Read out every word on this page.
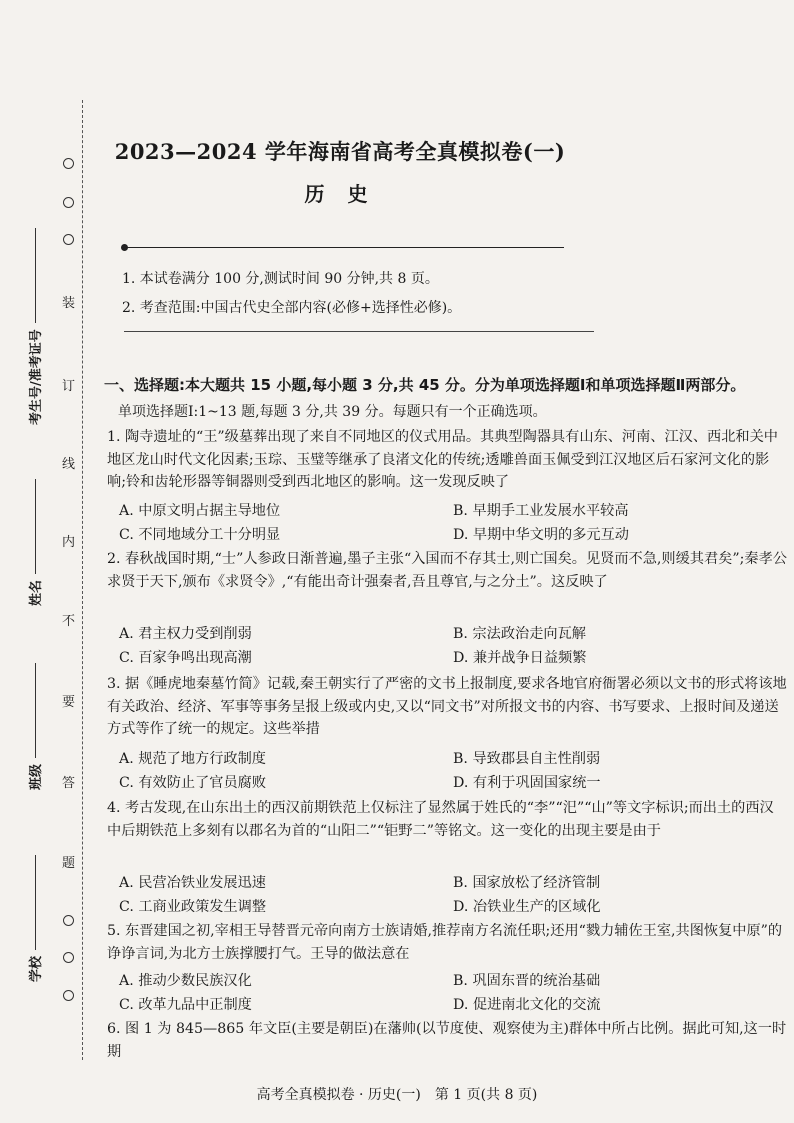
装
订
线
内
不
要
答
题
考生号/准考证号
姓名
班级
学校
2023—2024 学年海南省高考全真模拟卷(一)
历 史
1. 本试卷满分 100 分,测试时间 90 分钟,共 8 页。
2. 考查范围:中国古代史全部内容(必修+选择性必修)。
一、选择题:本大题共 15 小题,每小题 3 分,共 45 分。分为单项选择题Ⅰ和单项选择题Ⅱ两部分。
单项选择题Ⅰ:1~13 题,每题 3 分,共 39 分。每题只有一个正确选项。
1. 陶寺遗址的“王”级墓葬出现了来自不同地区的仪式用品。其典型陶器具有山东、河南、江汉、西北和关中地区龙山时代文化因素;玉琮、玉璧等继承了良渚文化的传统;透雕兽面玉佩受到江汉地区后石家河文化的影响;铃和齿轮形器等铜器则受到西北地区的影响。这一发现反映了
A. 中原文明占据主导地位	B. 早期手工业发展水平较高
C. 不同地域分工十分明显	D. 早期中华文明的多元互动
2. 春秋战国时期,“士”人参政日渐普遍,墨子主张“入国而不存其士,则亡国矣。见贤而不急,则缓其君矣”;秦孝公求贤于天下,颁布《求贤令》,“有能出奇计强秦者,吾且尊官,与之分土”。这反映了
A. 君主权力受到削弱	B. 宗法政治走向瓦解
C. 百家争鸣出现高潮	D. 兼并战争日益频繁
3. 据《睡虎地秦墓竹简》记载,秦王朝实行了严密的文书上报制度,要求各地官府衙署必须以文书的形式将该地有关政治、经济、军事等事务呈报上级或内史,又以“同文书”对所报文书的内容、书写要求、上报时间及递送方式等作了统一的规定。这些举措
A. 规范了地方行政制度	B. 导致郡县自主性削弱
C. 有效防止了官员腐败	D. 有利于巩固国家统一
4. 考古发现,在山东出土的西汉前期铁范上仅标注了显然属于姓氏的“李”“汜”“山”等文字标识;而出土的西汉中后期铁范上多刻有以郡名为首的“山阳二”“钜野二”等铭文。这一变化的出现主要是由于
A. 民营冶铁业发展迅速	B. 国家放松了经济管制
C. 工商业政策发生调整	D. 冶铁业生产的区域化
5. 东晋建国之初,宰相王导替晋元帝向南方士族请婚,推荐南方名流任职;还用“戮力辅佐王室,共图恢复中原”的诤诤言词,为北方士族撑腰打气。王导的做法意在
A. 推动少数民族汉化	B. 巩固东晋的统治基础
C. 改革九品中正制度	D. 促进南北文化的交流
6. 图 1 为 845—865 年文臣(主要是朝臣)在藩帅(以节度使、观察使为主)群体中所占比例。据此可知,这一时期
高考全真模拟卷 · 历史(一)　第 1 页(共 8 页)
